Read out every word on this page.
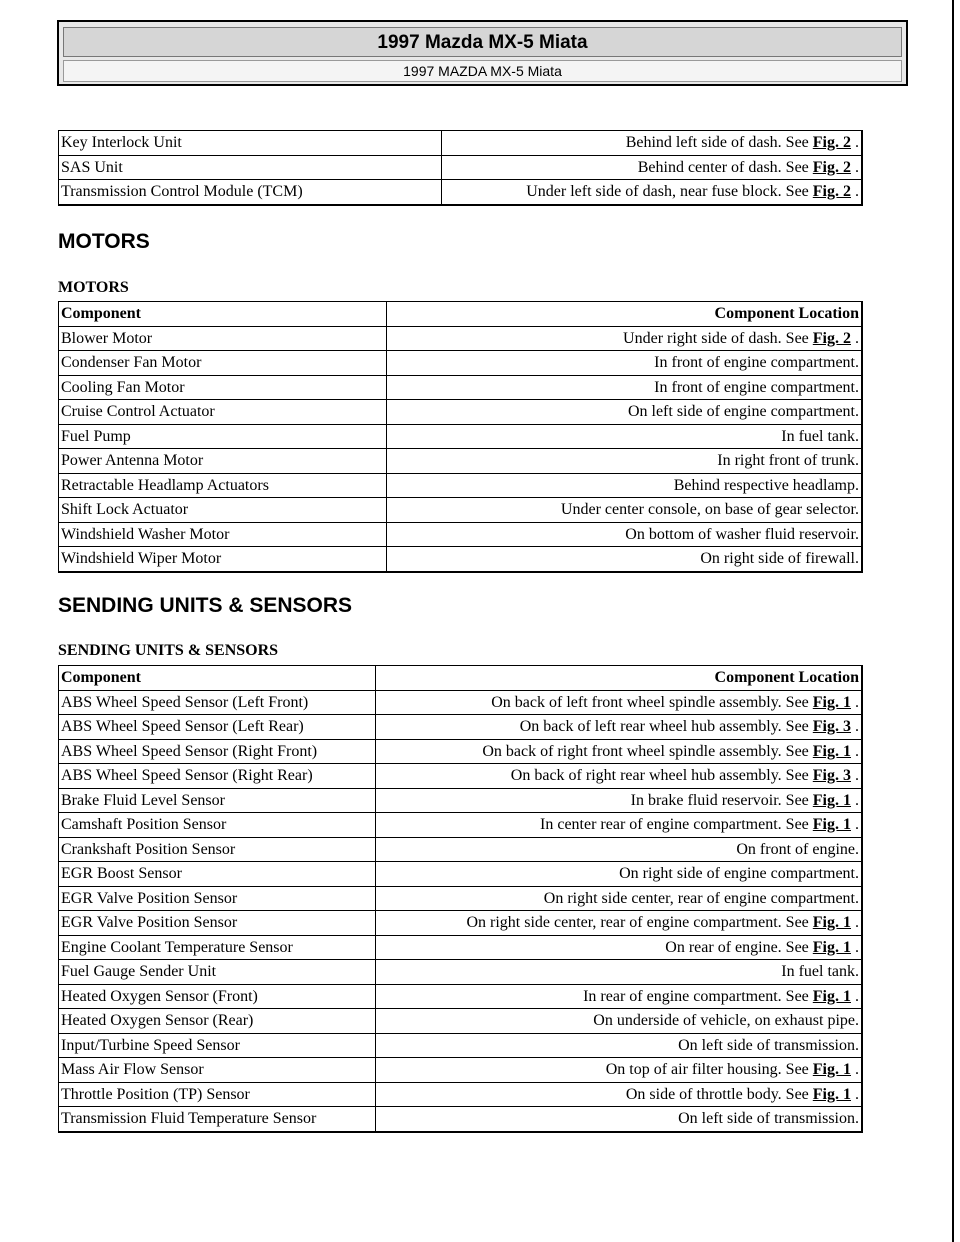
1997 Mazda MX-5 Miata
1997 MAZDA MX-5 Miata
Key Interlock Unit	Behind left side of dash. See Fig. 2 .
SAS Unit	Behind center of dash. See Fig. 2 .
Transmission Control Module (TCM)	Under left side of dash, near fuse block. See Fig. 2 .
MOTORS
MOTORS
Component	Component Location
Blower Motor	Under right side of dash. See Fig. 2 .
Condenser Fan Motor	In front of engine compartment.
Cooling Fan Motor	In front of engine compartment.
Cruise Control Actuator	On left side of engine compartment.
Fuel Pump	In fuel tank.
Power Antenna Motor	In right front of trunk.
Retractable Headlamp Actuators	Behind respective headlamp.
Shift Lock Actuator	Under center console, on base of gear selector.
Windshield Washer Motor	On bottom of washer fluid reservoir.
Windshield Wiper Motor	On right side of firewall.
SENDING UNITS & SENSORS
SENDING UNITS & SENSORS
Component	Component Location
ABS Wheel Speed Sensor (Left Front)	On back of left front wheel spindle assembly. See Fig. 1 .
ABS Wheel Speed Sensor (Left Rear)	On back of left rear wheel hub assembly. See Fig. 3 .
ABS Wheel Speed Sensor (Right Front)	On back of right front wheel spindle assembly. See Fig. 1 .
ABS Wheel Speed Sensor (Right Rear)	On back of right rear wheel hub assembly. See Fig. 3 .
Brake Fluid Level Sensor	In brake fluid reservoir. See Fig. 1 .
Camshaft Position Sensor	In center rear of engine compartment. See Fig. 1 .
Crankshaft Position Sensor	On front of engine.
EGR Boost Sensor	On right side of engine compartment.
EGR Valve Position Sensor	On right side center, rear of engine compartment.
EGR Valve Position Sensor	On right side center, rear of engine compartment. See Fig. 1 .
Engine Coolant Temperature Sensor	On rear of engine. See Fig. 1 .
Fuel Gauge Sender Unit	In fuel tank.
Heated Oxygen Sensor (Front)	In rear of engine compartment. See Fig. 1 .
Heated Oxygen Sensor (Rear)	On underside of vehicle, on exhaust pipe.
Input/Turbine Speed Sensor	On left side of transmission.
Mass Air Flow Sensor	On top of air filter housing. See Fig. 1 .
Throttle Position (TP) Sensor	On side of throttle body. See Fig. 1 .
Transmission Fluid Temperature Sensor	On left side of transmission.
